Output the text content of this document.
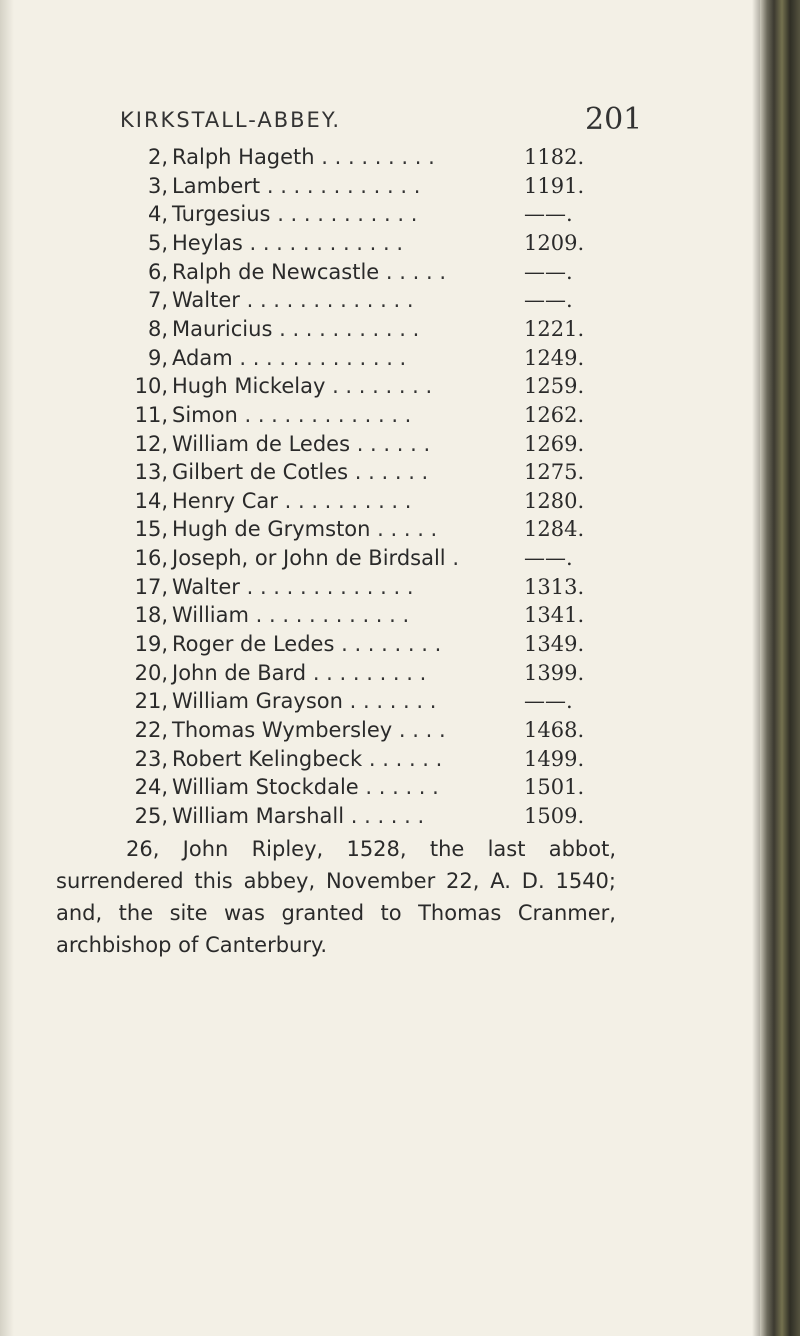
KIRKSTALL-ABBEY.	201
2, Ralph Hageth . . . . . . . . .	1182.
3, Lambert . . . . . . . . . . . .	1191.
4, Turgesius . . . . . . . . . . .	——.
5, Heylas . . . . . . . . . . . .	1209.
6, Ralph de Newcastle . . . . .	——.
7, Walter . . . . . . . . . . . . .	——.
8, Mauricius . . . . . . . . . . .	1221.
9, Adam . . . . . . . . . . . . .	1249.
10, Hugh Mickelay . . . . . . . .	1259.
11, Simon . . . . . . . . . . . . .	1262.
12, William de Ledes . . . . . .	1269.
13, Gilbert de Cotles . . . . . .	1275.
14, Henry Car . . . . . . . . . .	1280.
15, Hugh de Grymston . . . . .	1284.
16, Joseph, or John de Birdsall .	——.
17, Walter . . . . . . . . . . . . .	1313.
18, William . . . . . . . . . . . .	1341.
19, Roger de Ledes . . . . . . . .	1349.
20, John de Bard . . . . . . . . .	1399.
21, William Grayson . . . . . . .	——.
22, Thomas Wymbersley . . . .	1468.
23, Robert Kelingbeck . . . . . .	1499.
24, William Stockdale . . . . . .	1501.
25, William Marshall . . . . . .	1509.

26, John Ripley, 1528, the last abbot, surrendered this abbey, November 22, A. D. 1540; and, the site was granted to Thomas Cranmer, archbishop of Canterbury.
